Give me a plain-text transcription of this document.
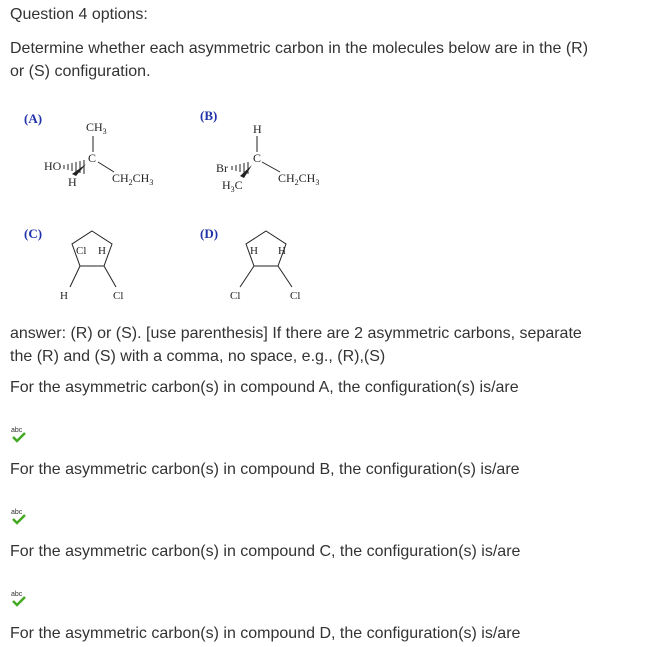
Question 4 options:
Determine whether each asymmetric carbon in the molecules below are in the (R)
or (S) configuration.
(A)	(B)
(C)	(D)
$CH_3$
C
HO
H	$CH_2CH_3$
H
C
Br
$H_3C$	$CH_2CH_3$
Cl H
H	Cl
H H
Cl	Cl
answer: (R) or (S). [use parenthesis] If there are 2 asymmetric carbons, separate
the (R) and (S) with a comma, no space, e.g., (R),(S)
For the asymmetric carbon(s) in compound A, the configuration(s) is/are
abc
For the asymmetric carbon(s) in compound B, the configuration(s) is/are
abc
For the asymmetric carbon(s) in compound C, the configuration(s) is/are
abc
For the asymmetric carbon(s) in compound D, the configuration(s) is/are
